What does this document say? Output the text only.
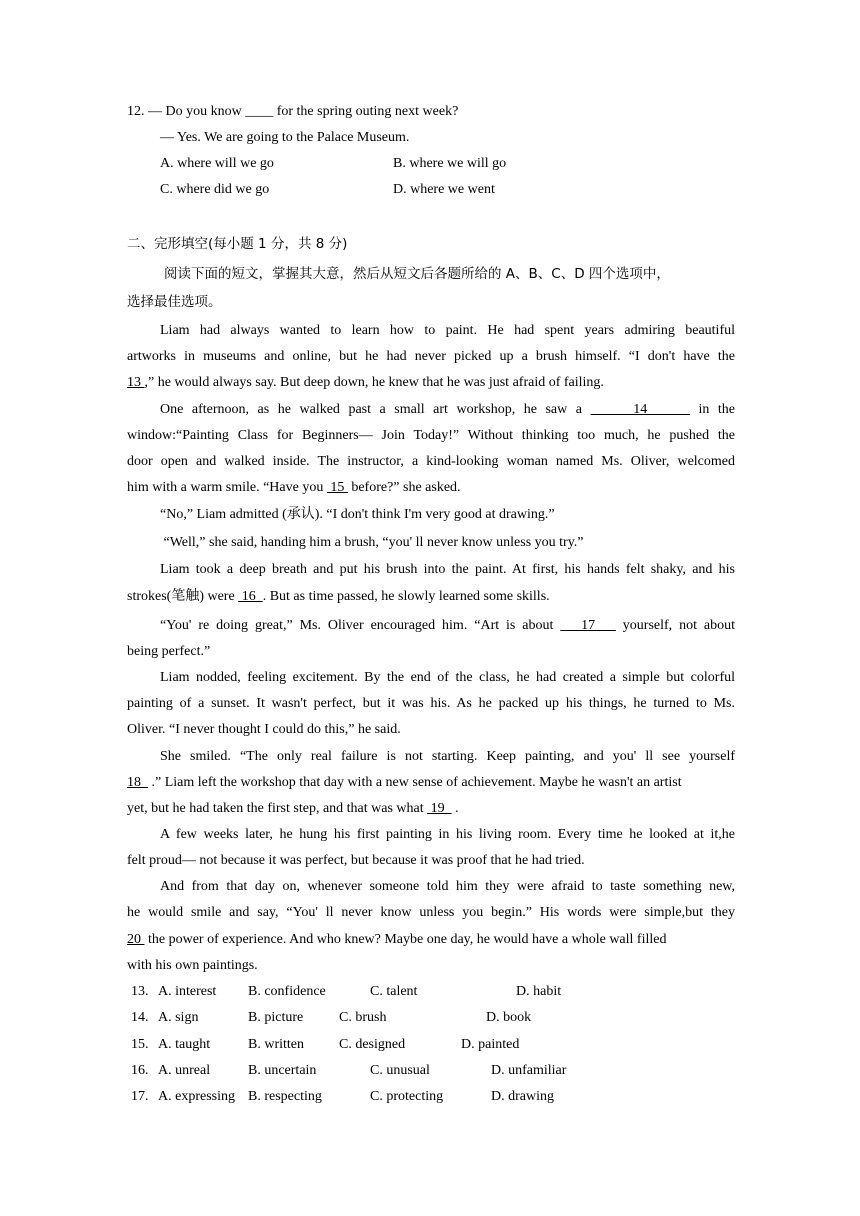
12. — Do you know ____ for the spring outing next week?
— Yes. We are going to the Palace Museum.
A. where will we go	B. where we will go
C. where did we go	D. where we went
二、完形填空(每小题 1 分，共 8 分)
阅读下面的短文，掌握其大意，然后从短文后各题所给的 A、B、C、D 四个选项中，
选择最佳选项。
Liam had always wanted to learn how to paint. He had spent years admiring beautiful
artworks in museums and online, but he had never picked up a brush himself. “I don't have the
13 ,” he would always say. But deep down, he knew that he was just afraid of failing.
One afternoon, as he walked past a small art workshop, he saw a      14      in the
window:“Painting Class for Beginners— Join Today!” Without thinking too much, he pushed the
door open and walked inside. The instructor, a kind-looking woman named Ms. Oliver, welcomed
him with a warm smile. “Have you  15  before?” she asked.
“No,” Liam admitted (承认). “I don't think I'm very good at drawing.”
“Well,” she said, handing him a brush, “you' ll never know unless you try.”
Liam took a deep breath and put his brush into the paint. At first, his hands felt shaky, and his
strokes(笔触) were  16  . But as time passed, he slowly learned some skills.
“You' re doing great,” Ms. Oliver encouraged him. “Art is about    17    yourself, not about
being perfect.”
Liam nodded, feeling excitement. By the end of the class, he had created a simple but colorful
painting of a sunset. It wasn't perfect, but it was his. As he packed up his things, he turned to Ms.
Oliver. “I never thought I could do this,” he said.
She smiled. “The only real failure is not starting. Keep painting, and you' ll see yourself
18   .” Liam left the workshop that day with a new sense of achievement. Maybe he wasn't an artist
yet, but he had taken the first step, and that was what  19   .
A few weeks later, he hung his first painting in his living room. Every time he looked at it,he
felt proud— not because it was perfect, but because it was proof that he had tried.
And from that day on, whenever someone told him they were afraid to taste something new,
he would smile and say, “You' ll never know unless you begin.” His words were simple,but they
20  the power of experience. And who knew? Maybe one day, he would have a whole wall filled
with his own paintings.
13. A. interest B. confidence	C. talent	D. habit
14. A. sign	B. picture	C. brush	D. book
15. A. taught	B. written	C. designed	D. painted
16. A. unreal	B. uncertain	C. unusual	D. unfamiliar
17. A. expressing B. respecting	C. protecting	D. drawing
